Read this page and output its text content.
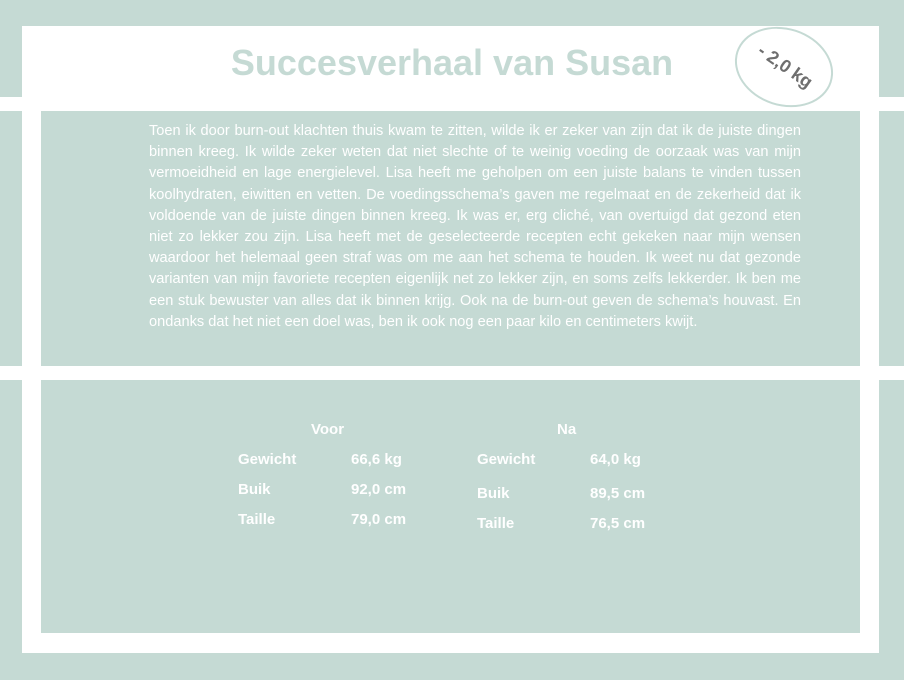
Succesverhaal van Susan	- 2,0 kg

Toen ik door burn-out klachten thuis kwam te zitten, wilde ik er zeker van zijn dat ik de juiste dingen binnen kreeg. Ik wilde zeker weten dat niet slechte of te weinig voeding de oorzaak was van mijn vermoeidheid en lage energielevel. Lisa heeft me geholpen om een juiste balans te vinden tussen koolhydraten, eiwitten en vetten. De voedingsschema’s gaven me regelmaat en de zekerheid dat ik voldoende van de juiste dingen binnen kreeg. Ik was er, erg cliché, van overtuigd dat gezond eten niet zo lekker zou zijn. Lisa heeft met de geselecteerde recepten echt gekeken naar mijn wensen waardoor het helemaal geen straf was om me aan het schema te houden. Ik weet nu dat gezonde varianten van mijn favoriete recepten eigenlijk net zo lekker zijn, en soms zelfs lekkerder. Ik ben me een stuk bewuster van alles dat ik binnen krijg. Ook na de burn-out geven de schema’s houvast. En ondanks dat het niet een doel was, ben ik ook nog een paar kilo en centimeters kwijt.

Voor
Gewicht	66,6 kg
Buik	92,0 cm
Taille	79,0 cm
Na
Gewicht	64,0 kg
Buik	89,5 cm
Taille	76,5 cm
